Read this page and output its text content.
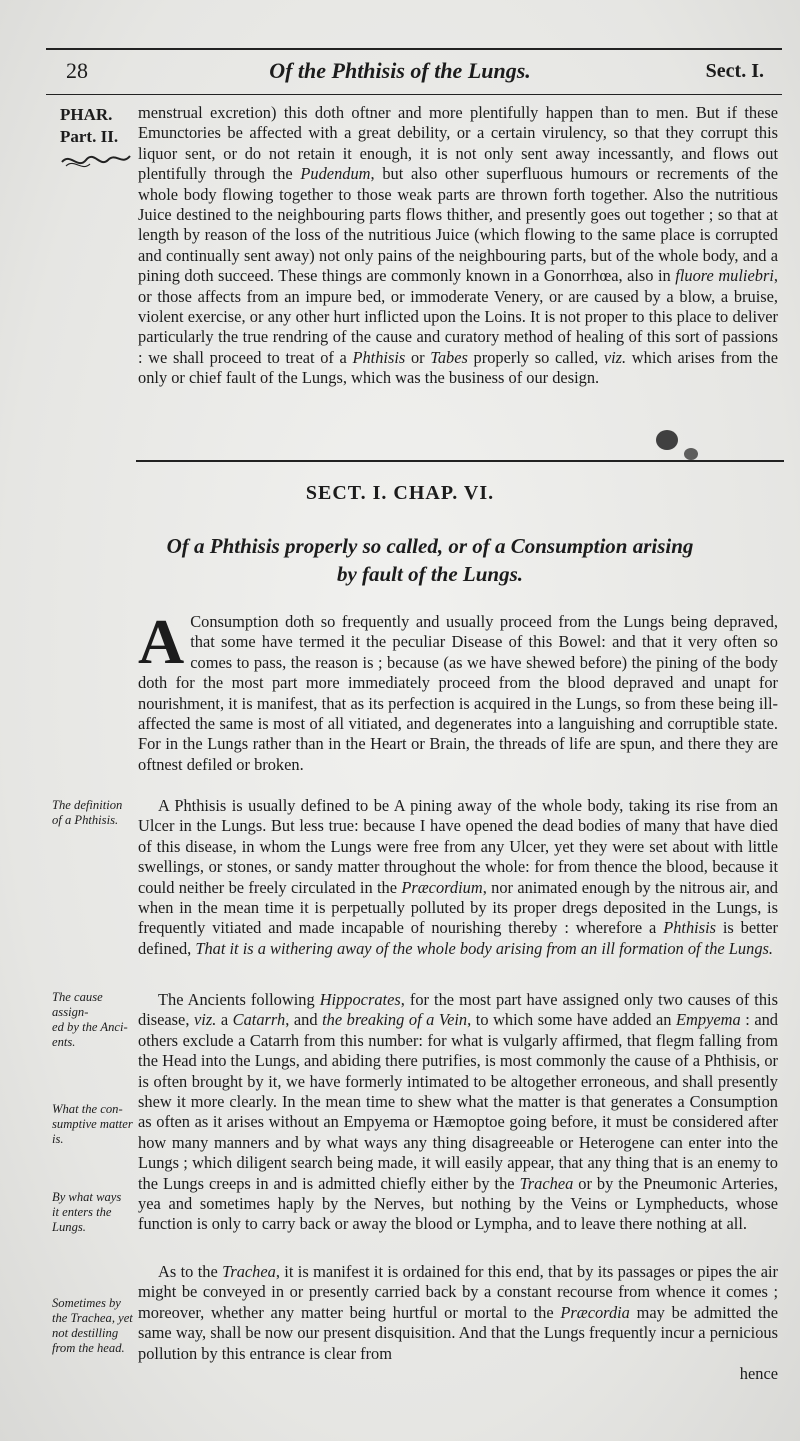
28	Of the Phthisis of the Lungs.	Sect. I.
PHAR.
Part. II.

menstrual excretion) this doth oftner and more plentifully happen than to men. But if these Emunctories be affected with a great debility, or a certain virulency, so that they corrupt this liquor sent, or do not retain it enough, it is not only sent away incessantly, and flows out plentifully through the Pudendum, but also other superfluous humours or recrements of the whole body flowing together to those weak parts are thrown forth together. Also the nutritious Juice destined to the neighbouring parts flows thither, and presently goes out together ; so that at length by reason of the loss of the nutritious Juice (which flowing to the same place is corrupted and continually sent away) not only pains of the neighbouring parts, but of the whole body, and a pining doth succeed. These things are commonly known in a Gonorrhœa, also in fluore muliebri, or those affects from an impure bed, or immoderate Venery, or are caused by a blow, a bruise, violent exercise, or any other hurt inflicted upon the Loins. It is not proper to this place to deliver particularly the true rendring of the cause and curatory method of healing of this sort of passions : we shall proceed to treat of a Phthisis or Tabes properly so called, viz. which arises from the only or chief fault of the Lungs, which was the business of our design.

SECT. I. CHAP. VI.
Of a Phthisis properly so called, or of a Consumption arising
by fault of the Lungs.
A Consumption doth so frequently and usually proceed from the Lungs being depraved, that some have termed it the peculiar Disease of this Bowel: and that it very often so comes to pass, the reason is ; because (as we have shewed before) the pining of the body doth for the most part more immediately proceed from the blood depraved and unapt for nourishment, it is manifest, that as its perfection is acquired in the Lungs, so from these being ill-affected the same is most of all vitiated, and degenerates into a languishing and corruptible state. For in the Lungs rather than in the Heart or Brain, the threads of life are spun, and there they are oftnest defiled or broken.

A Phthisis is usually defined to be A pining away of the whole body, taking its rise from an Ulcer in the Lungs. But less true: because I have opened the dead bodies of many that have died of this disease, in whom the Lungs were free from any Ulcer, yet they were set about with little swellings, or stones, or sandy matter throughout the whole: for from thence the blood, because it could neither be freely circulated in the Præcordium, nor animated enough by the nitrous air, and when in the mean time it is perpetually polluted by its proper dregs deposited in the Lungs, is frequently vitiated and made incapable of nourishing thereby : wherefore a Phthisis is better defined, That it is a withering away of the whole body arising from an ill formation of the Lungs.

The Ancients following Hippocrates, for the most part have assigned only two causes of this disease, viz. a Catarrh, and the breaking of a Vein, to which some have added an Empyema : and others exclude a Catarrh from this number: for what is vulgarly affirmed, that flegm falling from the Head into the Lungs, and abiding there putrifies, is most commonly the cause of a Phthisis, or is often brought by it, we have formerly intimated to be altogether erroneous, and shall presently shew it more clearly. In the mean time to shew what the matter is that generates a Consumption as often as it arises without an Empyema or Hæmoptoe going before, it must be considered after how many manners and by what ways any thing disagreeable or Heterogene can enter into the Lungs ; which diligent search being made, it will easily appear, that any thing that is an enemy to the Lungs creeps in and is admitted chiefly either by the Trachea or by the Pneumonic Arteries, yea and sometimes haply by the Nerves, but nothing by the Veins or Lympheducts, whose function is only to carry back or away the blood or Lympha, and to leave there nothing at all.

As to the Trachea, it is manifest it is ordained for this end, that by its passages or pipes the air might be conveyed in or presently carried back by a constant recourse from whence it comes ; moreover, whether any matter being hurtful or mortal to the Præcordia may be admitted the same way, shall be now our present disquisition. And that the Lungs frequently incur a pernicious pollution by this entrance is clear from

hence

The definition
of a Phthisis.
The cause assign-
ed by the Anci-
ents.
What the con-
sumptive matter
is.
By what ways
it enters the
Lungs.
Sometimes by
the Trachea, yet
not destilling
from the head.
